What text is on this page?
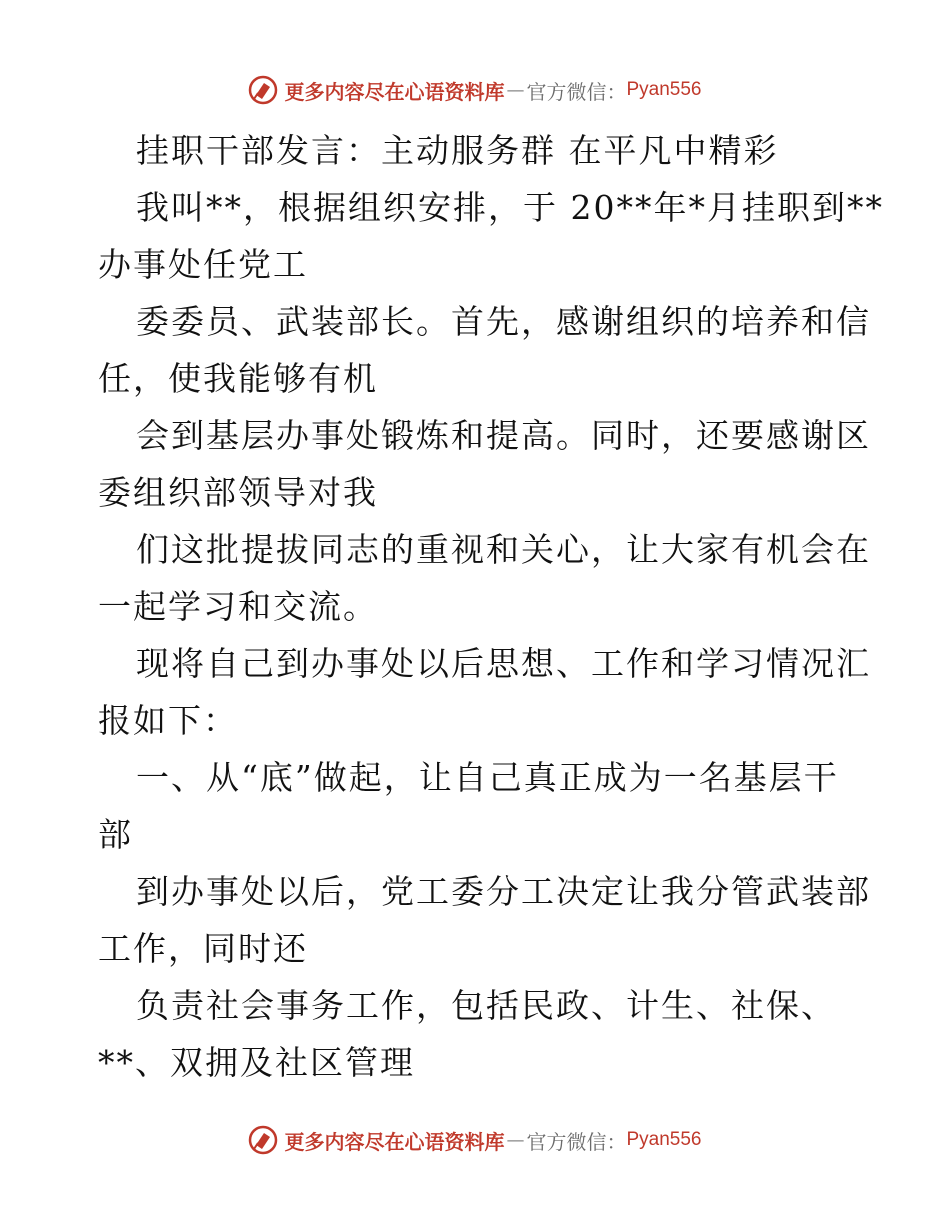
更多内容尽在心语资料库 — 官方微信： Pyan556
挂职干部发言：主动服务群 在平凡中精彩
我叫**，根据组织安排，于 20**年*月挂职到**
办事处任党工
委委员、武装部长。首先，感谢组织的培养和信
任，使我能够有机
会到基层办事处锻炼和提高。同时，还要感谢区
委组织部领导对我
们这批提拔同志的重视和关心，让大家有机会在
一起学习和交流。
现将自己到办事处以后思想、工作和学习情况汇
报如下：
一、从“底”做起，让自己真正成为一名基层干
部
到办事处以后，党工委分工决定让我分管武装部
工作，同时还
负责社会事务工作，包括民政、计生、社保、
**、双拥及社区管理
更多内容尽在心语资料库 — 官方微信： Pyan556
